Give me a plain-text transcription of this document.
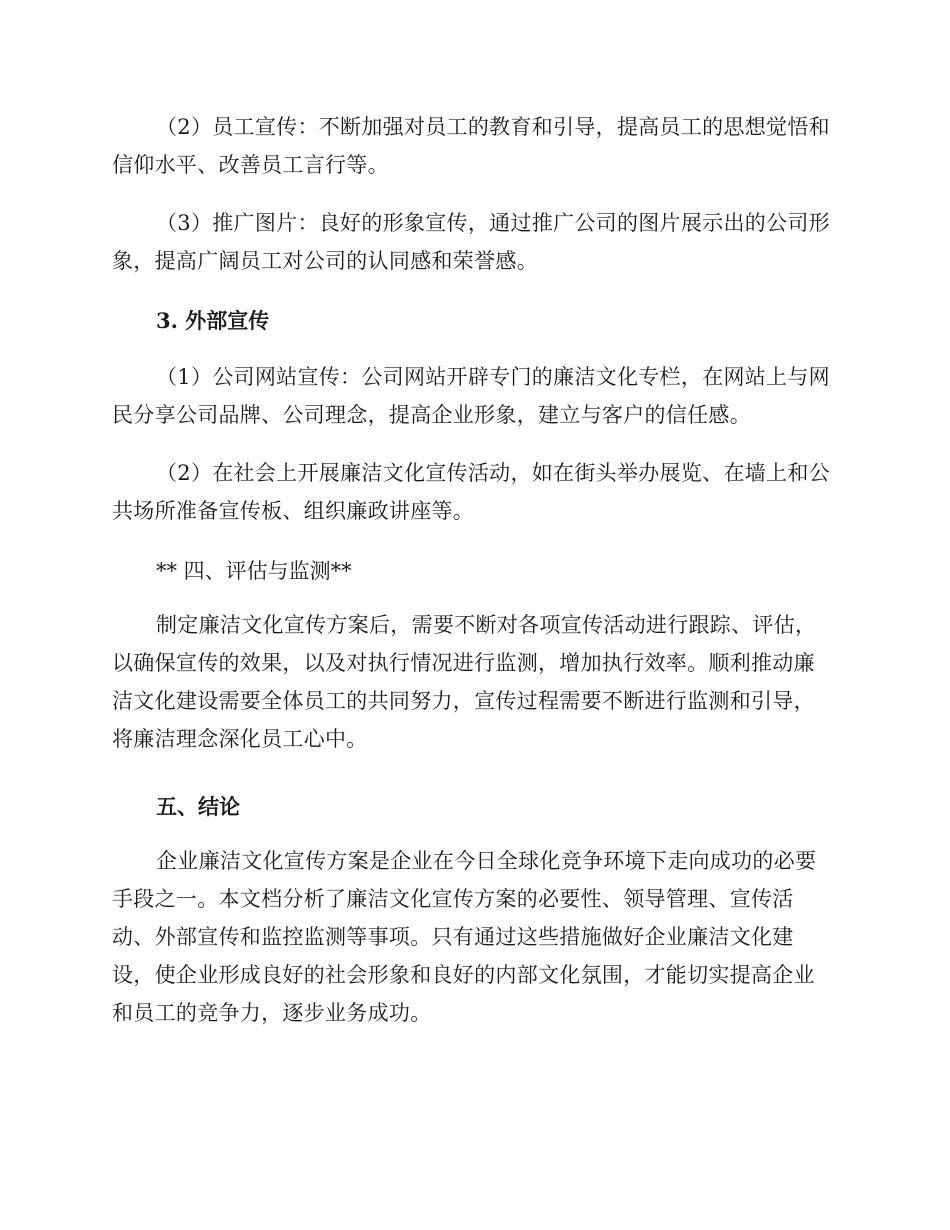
（2）员工宣传：不断加强对员工的教育和引导，提高员工的思想觉悟和信仰水平、改善员工言行等。

（3）推广图片：良好的形象宣传，通过推广公司的图片展示出的公司形象，提高广阔员工对公司的认同感和荣誉感。

3. 外部宣传

（1）公司网站宣传：公司网站开辟专门的廉洁文化专栏，在网站上与网民分享公司品牌、公司理念，提高企业形象，建立与客户的信任感。

（2）在社会上开展廉洁文化宣传活动，如在街头举办展览、在墙上和公共场所准备宣传板、组织廉政讲座等。

** 四、评估与监测**

制定廉洁文化宣传方案后，需要不断对各项宣传活动进行跟踪、评估，以确保宣传的效果，以及对执行情况进行监测，增加执行效率。顺利推动廉洁文化建设需要全体员工的共同努力，宣传过程需要不断进行监测和引导，将廉洁理念深化员工心中。

五、结论

企业廉洁文化宣传方案是企业在今日全球化竞争环境下走向成功的必要手段之一。本文档分析了廉洁文化宣传方案的必要性、领导管理、宣传活动、外部宣传和监控监测等事项。只有通过这些措施做好企业廉洁文化建设，使企业形成良好的社会形象和良好的内部文化氛围，才能切实提高企业和员工的竞争力，逐步业务成功。
